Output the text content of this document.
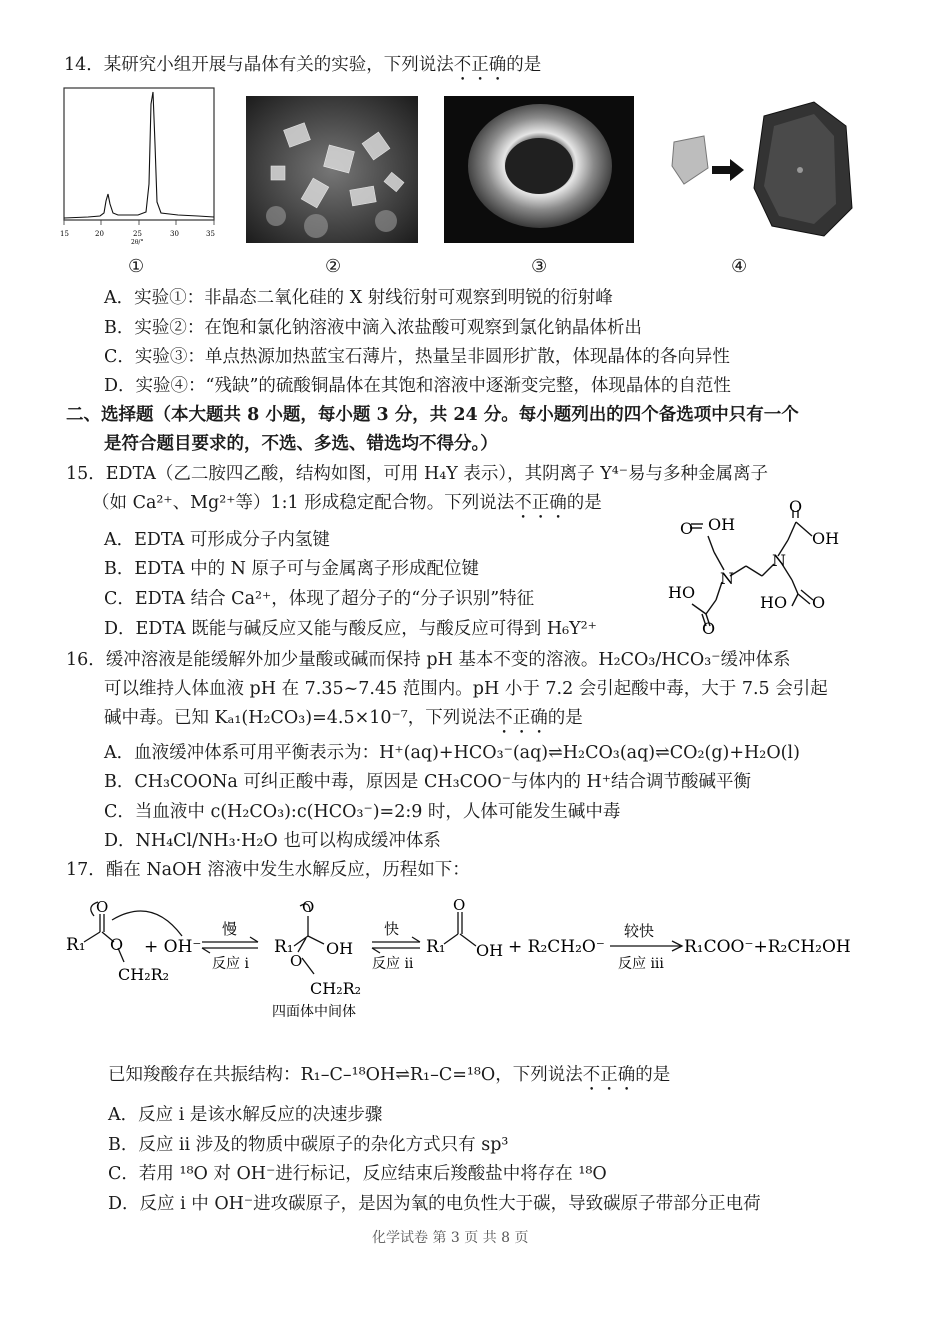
14．某研究小组开展与晶体有关的实验，下列说法不正确的是
15	20	25	30	35
2θ/°
①	②	③	④
A．实验①：非晶态二氧化硅的 X 射线衍射可观察到明锐的衍射峰
B．实验②：在饱和氯化钠溶液中滴入浓盐酸可观察到氯化钠晶体析出
C．实验③：单点热源加热蓝宝石薄片，热量呈非圆形扩散，体现晶体的各向异性
D．实验④：“残缺”的硫酸铜晶体在其饱和溶液中逐渐变完整，体现晶体的自范性
二、选择题（本大题共 8 小题，每小题 3 分，共 24 分。每小题列出的四个备选项中只有一个
是符合题目要求的，不选、多选、错选均不得分。）
15．EDTA（乙二胺四乙酸，结构如图，可用 H₄Y 表示），其阴离子 Y⁴⁻易与多种金属离子
（如 Ca²⁺、Mg²⁺等）1:1 形成稳定配合物。下列说法不正确的是
A．EDTA 可形成分子内氢键
B．EDTA 中的 N 原子可与金属离子形成配位键
C．EDTA 结合 Ca²⁺，体现了超分子的“分子识别”特征
D．EDTA 既能与碱反应又能与酸反应，与酸反应可得到 H₆Y²⁺
O OH
N
N
O
OH
HO
O
HO O
16．缓冲溶液是能缓解外加少量酸或碱而保持 pH 基本不变的溶液。H₂CO₃/HCO₃⁻缓冲体系
可以维持人体血液 pH 在 7.35~7.45 范围内。pH 小于 7.2 会引起酸中毒，大于 7.5 会引起
碱中毒。已知 Kₐ₁(H₂CO₃)=4.5×10⁻⁷，下列说法不正确的是
A．血液缓冲体系可用平衡表示为：H⁺(aq)+HCO₃⁻(aq)⇌H₂CO₃(aq)⇌CO₂(g)+H₂O(l)
B．CH₃COONa 可纠正酸中毒，原因是 CH₃COO⁻与体内的 H⁺结合调节酸碱平衡
C．当血液中 c(H₂CO₃):c(HCO₃⁻)=2:9 时，人体可能发生碱中毒
D．NH₄Cl/NH₃·H₂O 也可以构成缓冲体系
17．酯在 NaOH 溶液中发生水解反应，历程如下：
R₁
O
O
CH₂R₂
+ OH⁻
慢
反应 i
R₁
O
OH
O
CH₂R₂
四面体中间体
快
反应 ii
R₁
O
OH + R₂CH₂O⁻
较快
反应 iii
R₁COO⁻+R₂CH₂OH
已知羧酸存在共振结构：R₁–C–¹⁸OH⇌R₁–C=¹⁸O，下列说法不正确的是
A．反应 i 是该水解反应的决速步骤
B．反应 ii 涉及的物质中碳原子的杂化方式只有 sp³
C．若用 ¹⁸O 对 OH⁻进行标记，反应结束后羧酸盐中将存在 ¹⁸O
D．反应 i 中 OH⁻进攻碳原子，是因为氧的电负性大于碳，导致碳原子带部分正电荷
化学试卷 第 3 页 共 8 页
